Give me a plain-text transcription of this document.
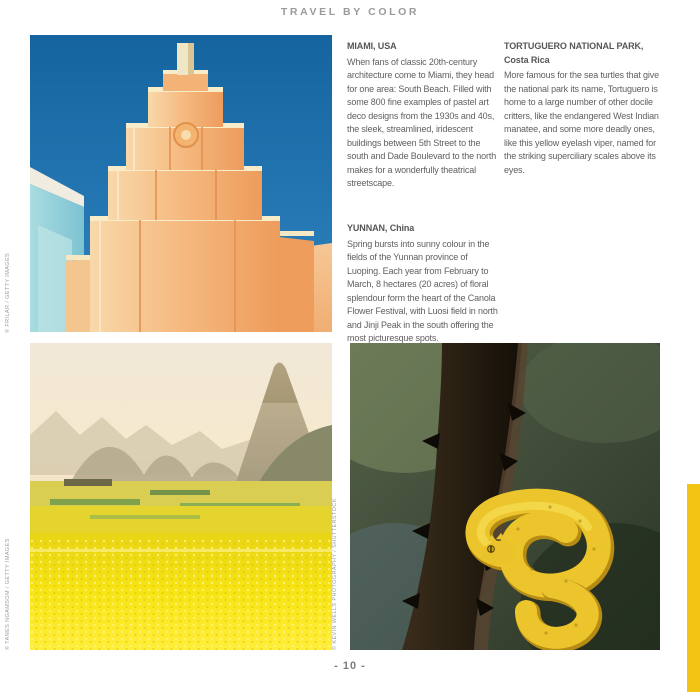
TRAVEL BY COLOR
MIAMI, USA

When fans of classic 20th-century architecture come to Miami, they head for one area: South Beach. Filled with some 800 fine examples of pastel art deco designs from the 1930s and 40s, the sleek, streamlined, iridescent buildings between 5th Street to the south and Dade Boulevard to the north makes for a wonderfully theatrical streetscape.

TORTUGUERO NATIONAL PARK, Costa Rica

More famous for the sea turtles that give the national park its name, Tortuguero is home to a large number of other docile critters, like the endangered West Indian manatee, and some more deadly ones, like this yellow eyelash viper, named for the striking superciliary scales above its eyes.

YUNNAN, China

Spring bursts into sunny colour in the fields of the Yunnan province of Luoping. Each year from February to March, 8 hectares (20 acres) of floral splendour form the heart of the Canola Flower Festival, with Luosi field in north and Jinji Peak in the south offering the most picturesque spots.

© FRILAR / GETTY IMAGES
© TANES NGAMSOM / GETTY IMAGES	© KEVIN WELLS PHOTOGRAPHY / SHUTTERSTOCK
- 10 -
